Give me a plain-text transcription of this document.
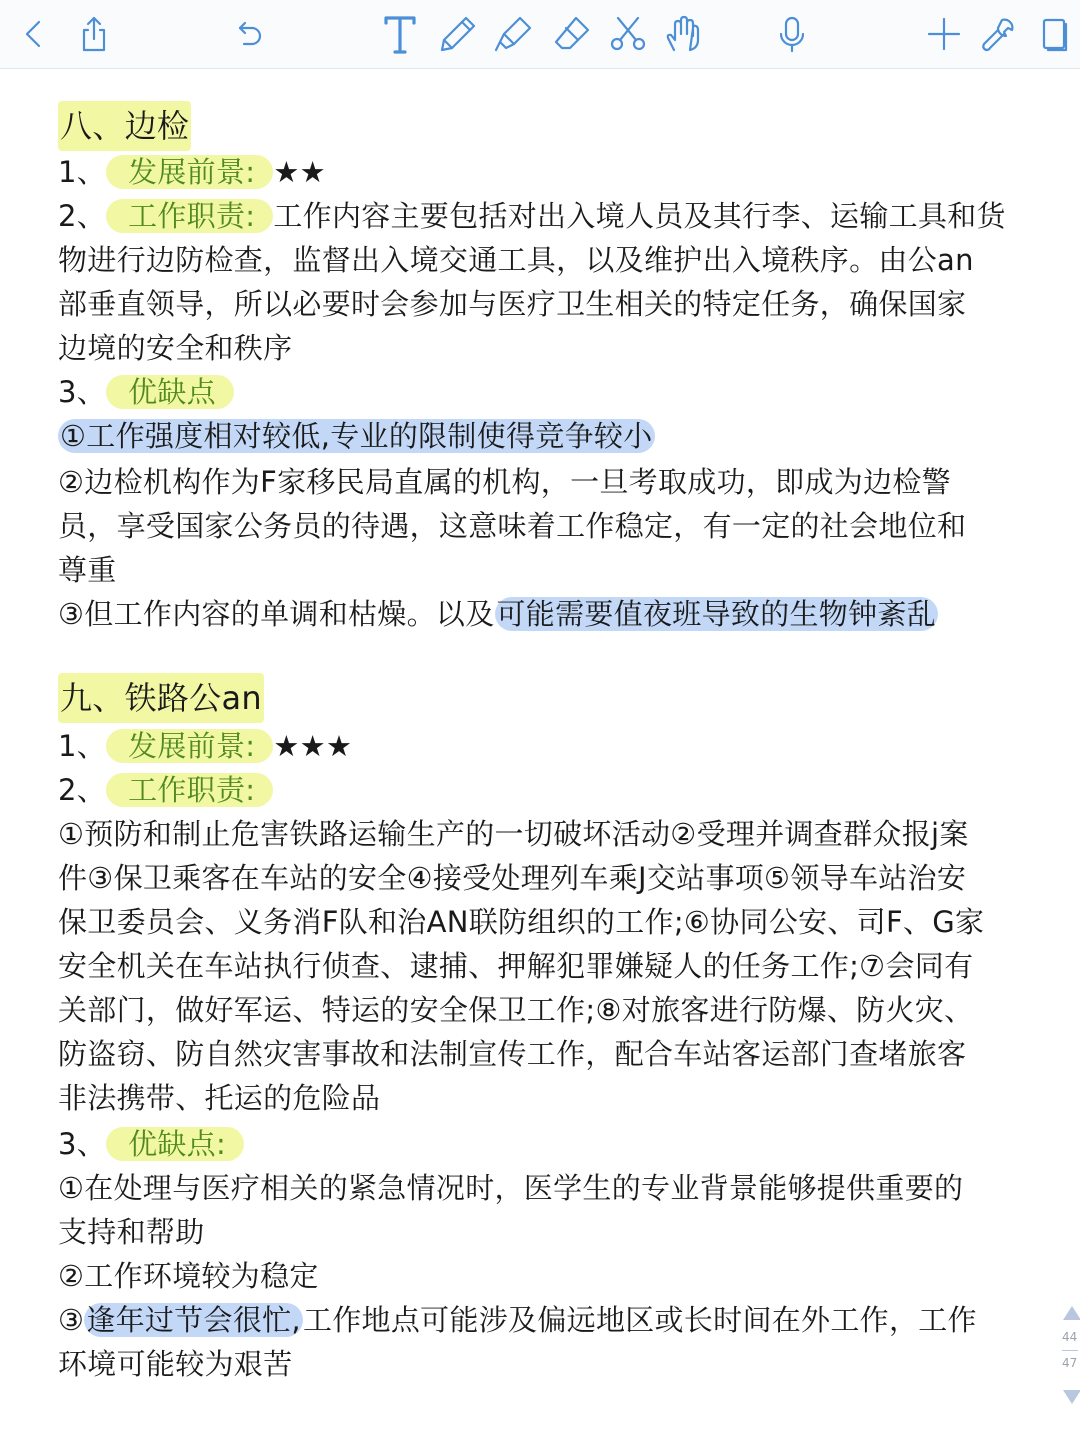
八、边检
1、 发展前景: ★★
2、 工作职责: 工作内容主要包括对出入境人员及其行李、运输工具和货
物进行边防检查，监督出入境交通工具，以及维护出入境秩序。由公an
部垂直领导，所以必要时会参加与医疗卫生相关的特定任务，确保国家
边境的安全和秩序
3、 优缺点
①工作强度相对较低,专业的限制使得竞争较小
②边检机构作为F家移民局直属的机构，一旦考取成功，即成为边检警
员，享受国家公务员的待遇，这意味着工作稳定，有一定的社会地位和
尊重
③但工作内容的单调和枯燥。以及可能需要值夜班导致的生物钟紊乱
九、铁路公an
1、 发展前景: ★★★
2、 工作职责:
①预防和制止危害铁路运输生产的一切破坏活动②受理并调查群众报j案
件③保卫乘客在车站的安全④接受处理列车乘J交站事项⑤领导车站治安
保卫委员会、义务消F队和治AN联防组织的工作;⑥协同公安、司F、G家
安全机关在车站执行侦查、逮捕、押解犯罪嫌疑人的任务工作;⑦会同有
关部门，做好军运、特运的安全保卫工作;⑧对旅客进行防爆、防火灾、
防盗窃、防自然灾害事故和法制宣传工作，配合车站客运部门查堵旅客
非法携带、托运的危险品
3、 优缺点:
①在处理与医疗相关的紧急情况时，医学生的专业背景能够提供重要的
支持和帮助
②工作环境较为稳定
③逢年过节会很忙,工作地点可能涉及偏远地区或长时间在外工作，工作
环境可能较为艰苦
44
47
